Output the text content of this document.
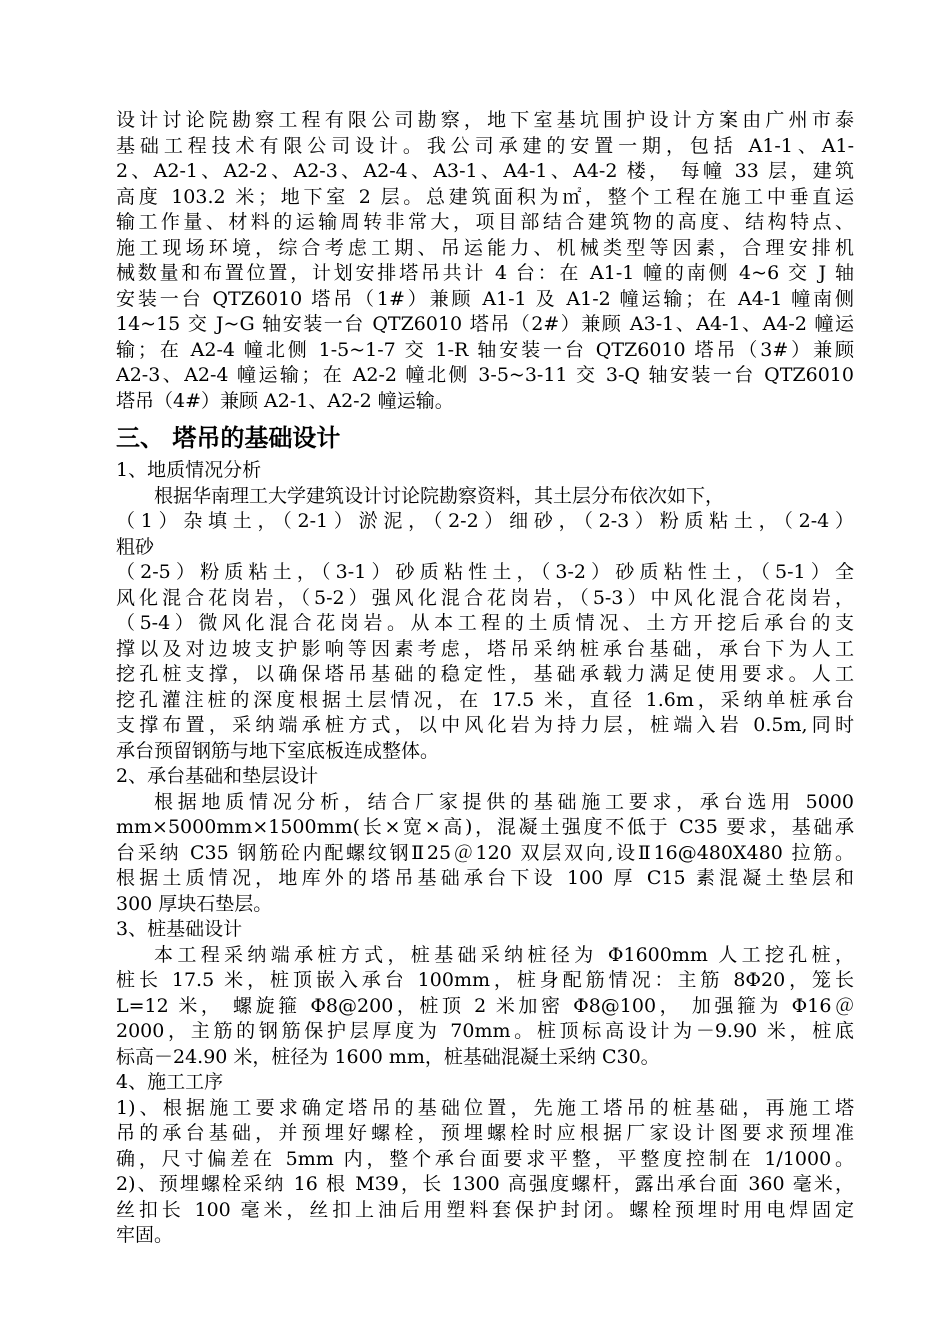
设计讨论院勘察工程有限公司勘察，地下室基坑围护设计方案由广州市泰
基础工程技术有限公司设计。我公司承建的安置一期，包括 A1-1、A1-
2、A2-1、A2-2、A2-3、A2-4、A3-1、A4-1、A4-2 楼， 每幢 33 层，建筑
高度 103.2 米；地下室 2 层。总建筑面积为㎡，整个工程在施工中垂直运
输工作量、材料的运输周转非常大，项目部结合建筑物的高度、结构特点、
施工现场环境，综合考虑工期、吊运能力、机械类型等因素，合理安排机
械数量和布置位置，计划安排塔吊共计 4 台：在 A1-1 幢的南侧 4~6 交 J 轴
安装一台 QTZ6010 塔吊（1#）兼顾 A1-1 及 A1-2 幢运输；在 A4-1 幢南侧
14~15 交 J~G 轴安装一台 QTZ6010 塔吊（2#）兼顾 A3-1、A4-1、A4-2 幢运
输；在 A2-4 幢北侧 1-5~1-7 交 1-R 轴安装一台 QTZ6010 塔吊（3#）兼顾
A2-3、A2-4 幢运输；在 A2-2 幢北侧 3-5~3-11 交 3-Q 轴安装一台 QTZ6010
塔吊（4#）兼顾 A2-1、A2-2 幢运输。
三、 塔吊的基础设计
1、地质情况分析
根据华南理工大学建筑设计讨论院勘察资料，其土层分布依次如下，
（1）杂填土，（2-1）淤泥，（2-2）细砂，（2-3）粉质粘土，（2-4）
粗砂
（2-5）粉质粘土，（3-1）砂质粘性土，（3-2）砂质粘性土，（5-1）全
风化混合花岗岩，（5-2）强风化混合花岗岩，（5-3）中风化混合花岗岩，
（5-4）微风化混合花岗岩。从本工程的土质情况、土方开挖后承台的支
撑以及对边坡支护影响等因素考虑，塔吊采纳桩承台基础，承台下为人工
挖孔桩支撑，以确保塔吊基础的稳定性，基础承载力满足使用要求。人工
挖孔灌注桩的深度根据土层情况，在 17.5 米，直径 1.6m，采纳单桩承台
支撑布置，采纳端承桩方式，以中风化岩为持力层，桩端入岩 0.5m,同时
承台预留钢筋与地下室底板连成整体。
2、承台基础和垫层设计
根据地质情况分析，结合厂家提供的基础施工要求，承台选用 5000
mm×5000mm×1500mm(长×宽×高)，混凝土强度不低于 C35 要求，基础承
台采纳 C35 钢筋砼内配螺纹钢Ⅱ25＠120 双层双向,设Ⅱ16@480X480 拉筋。
根据土质情况，地库外的塔吊基础承台下设 100 厚 C15 素混凝土垫层和
300 厚块石垫层。
3、桩基础设计
本工程采纳端承桩方式，桩基础采纳桩径为 Φ1600mm 人工挖孔桩，
桩长 17.5 米，桩顶嵌入承台 100mm，桩身配筋情况：主筋 8Φ20，笼长
L=12 米， 螺旋箍 Φ8@200，桩顶 2 米加密 Φ8@100， 加强箍为 Φ16＠
2000，主筋的钢筋保护层厚度为 70mm。桩顶标高设计为－9.90 米，桩底
标高－24.90 米，桩径为 1600 mm，桩基础混凝土采纳 C30。
4、施工工序
1)、根据施工要求确定塔吊的基础位置，先施工塔吊的桩基础，再施工塔
吊的承台基础，并预埋好螺栓，预埋螺栓时应根据厂家设计图要求预埋准
确，尺寸偏差在 5mm 内，整个承台面要求平整，平整度控制在 1/1000。
2)、预埋螺栓采纳 16 根 M39，长 1300 高强度螺杆，露出承台面 360 毫米，
丝扣长 100 毫米，丝扣上油后用塑料套保护封闭。螺栓预埋时用电焊固定
牢固。
